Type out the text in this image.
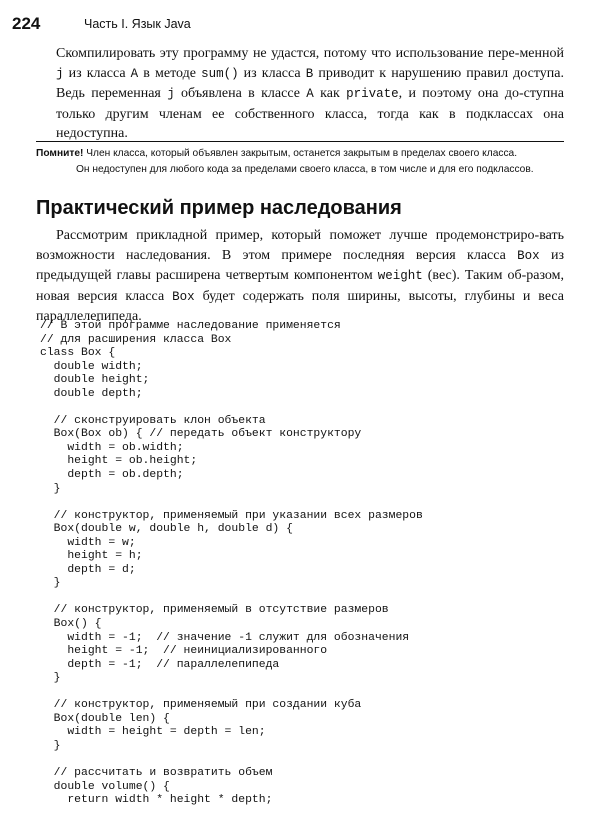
224	Часть I. Язык Java

Скомпилировать эту программу не удастся, потому что использование пере-менной j из класса A в методе sum() из класса B приводит к нарушению правил доступа. Ведь переменная j объявлена в классе A как private, и поэтому она до-ступна только другим членам ее собственного класса, тогда как в подклассах она недоступна.

Помните! Член класса, который объявлен закрытым, останется закрытым в пределах своего класса.
Он недоступен для любого кода за пределами своего класса, в том числе и для его подклассов.

Практический пример наследования

Рассмотрим прикладной пример, который поможет лучше продемонстриро-вать возможности наследования. В этом примере последняя версия класса Box из предыдущей главы расширена четвертым компонентом weight (вес). Таким об-разом, новая версия класса Box будет содержать поля ширины, высоты, глубины и веса параллелепипеда.

// В этой программе наследование применяется
// для расширения класса Box
class Box {
double width;
double height;
double depth;

// сконструировать клон объекта
Box(Box ob) { // передать объект конструктору
width = ob.width;
height = ob.height;
depth = ob.depth;
}

// конструктор, применяемый при указании всех размеров
Box(double w, double h, double d) {
width = w;
height = h;
depth = d;
}

// конструктор, применяемый в отсутствие размеров
Box() {
width = -1;  // значение -1 служит для обозначения
height = -1;  // неинициализированного
depth = -1;  // параллелепипеда
}

// конструктор, применяемый при создании куба
Box(double len) {
width = height = depth = len;
}

// рассчитать и возвратить объем
double volume() {
return width * height * depth;
